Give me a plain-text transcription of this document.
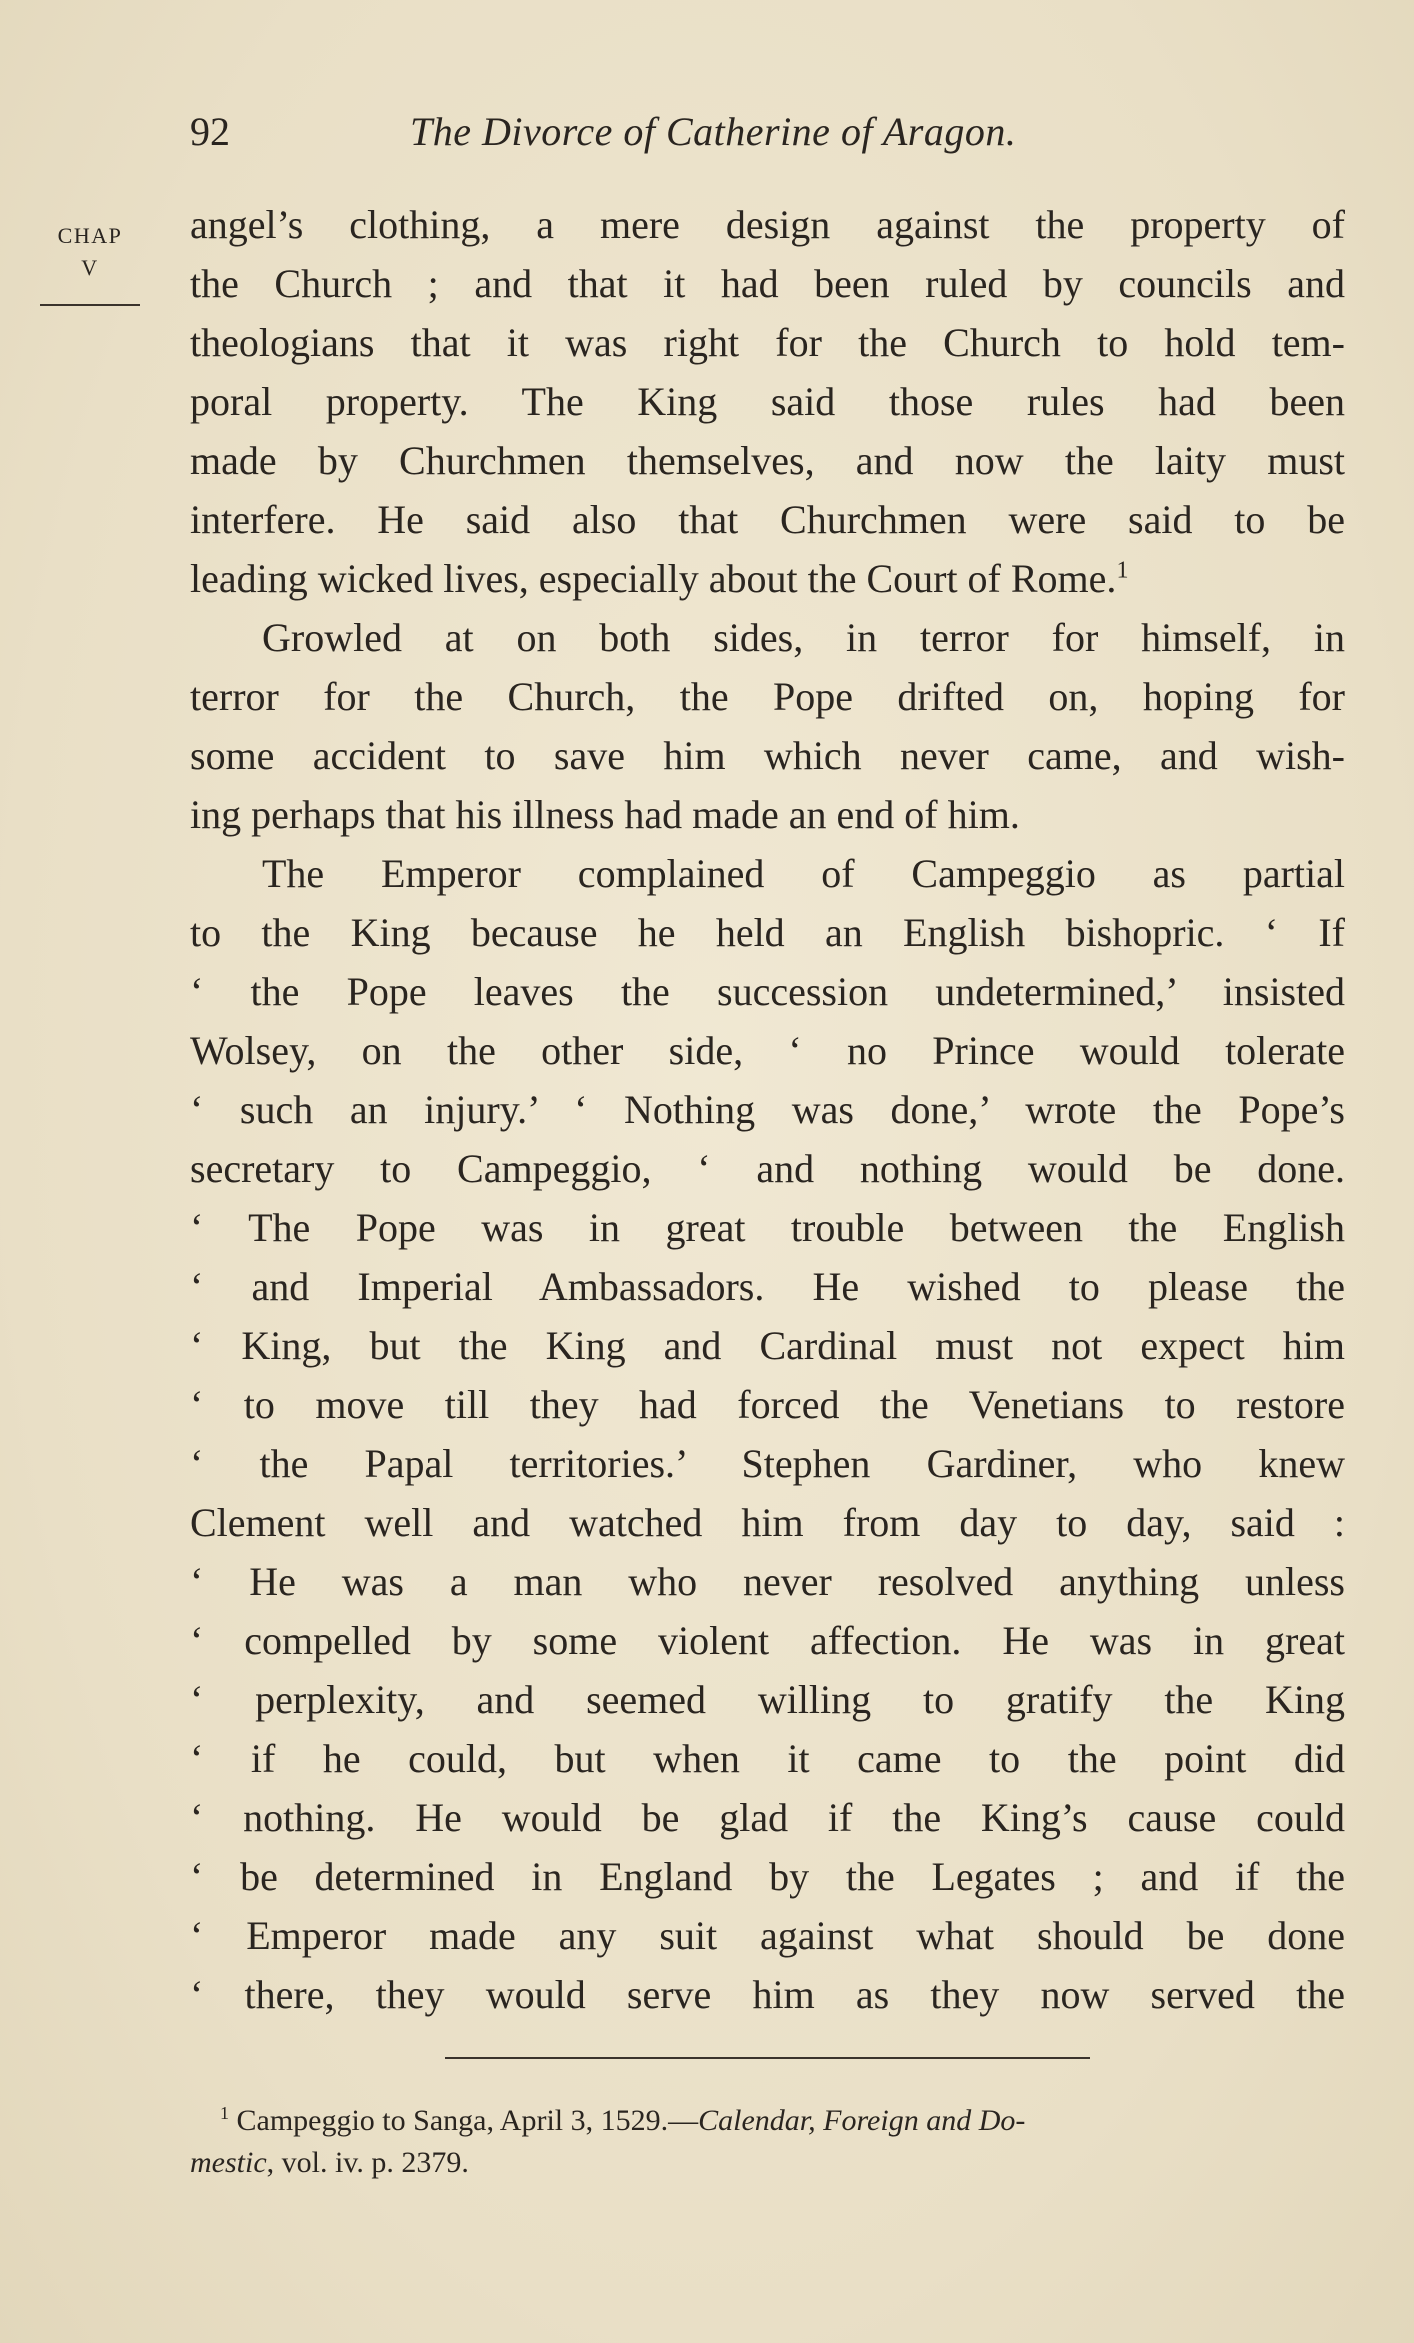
92	The Divorce of Catherine of Aragon.
CHAP
V
angel’s clothing, a mere design against the property of
the Church ; and that it had been ruled by councils and
theologians that it was right for the Church to hold tem-
poral property. The King said those rules had been
made by Churchmen themselves, and now the laity must
interfere. He said also that Churchmen were said to be
leading wicked lives, especially about the Court of Rome.$^1$
Growled at on both sides, in terror for himself, in
terror for the Church, the Pope drifted on, hoping for
some accident to save him which never came, and wish-
ing perhaps that his illness had made an end of him.
The Emperor complained of Campeggio as partial
to the King because he held an English bishopric. ‘ If
‘ the Pope leaves the succession undetermined,’ insisted
Wolsey, on the other side, ‘ no Prince would tolerate
‘ such an injury.’ ‘ Nothing was done,’ wrote the Pope’s
secretary to Campeggio, ‘ and nothing would be done.
‘ The Pope was in great trouble between the English
‘ and Imperial Ambassadors. He wished to please the
‘ King, but the King and Cardinal must not expect him
‘ to move till they had forced the Venetians to restore
‘ the Papal territories.’ Stephen Gardiner, who knew
Clement well and watched him from day to day, said :
‘ He was a man who never resolved anything unless
‘ compelled by some violent affection. He was in great
‘ perplexity, and seemed willing to gratify the King
‘ if he could, but when it came to the point did
‘ nothing. He would be glad if the King’s cause could
‘ be determined in England by the Legates ; and if the
‘ Emperor made any suit against what should be done
‘ there, they would serve him as they now served the
$^1$ Campeggio to Sanga, April 3, 1529.—Calendar, Foreign and Do-
mestic, vol. iv. p. 2379.
